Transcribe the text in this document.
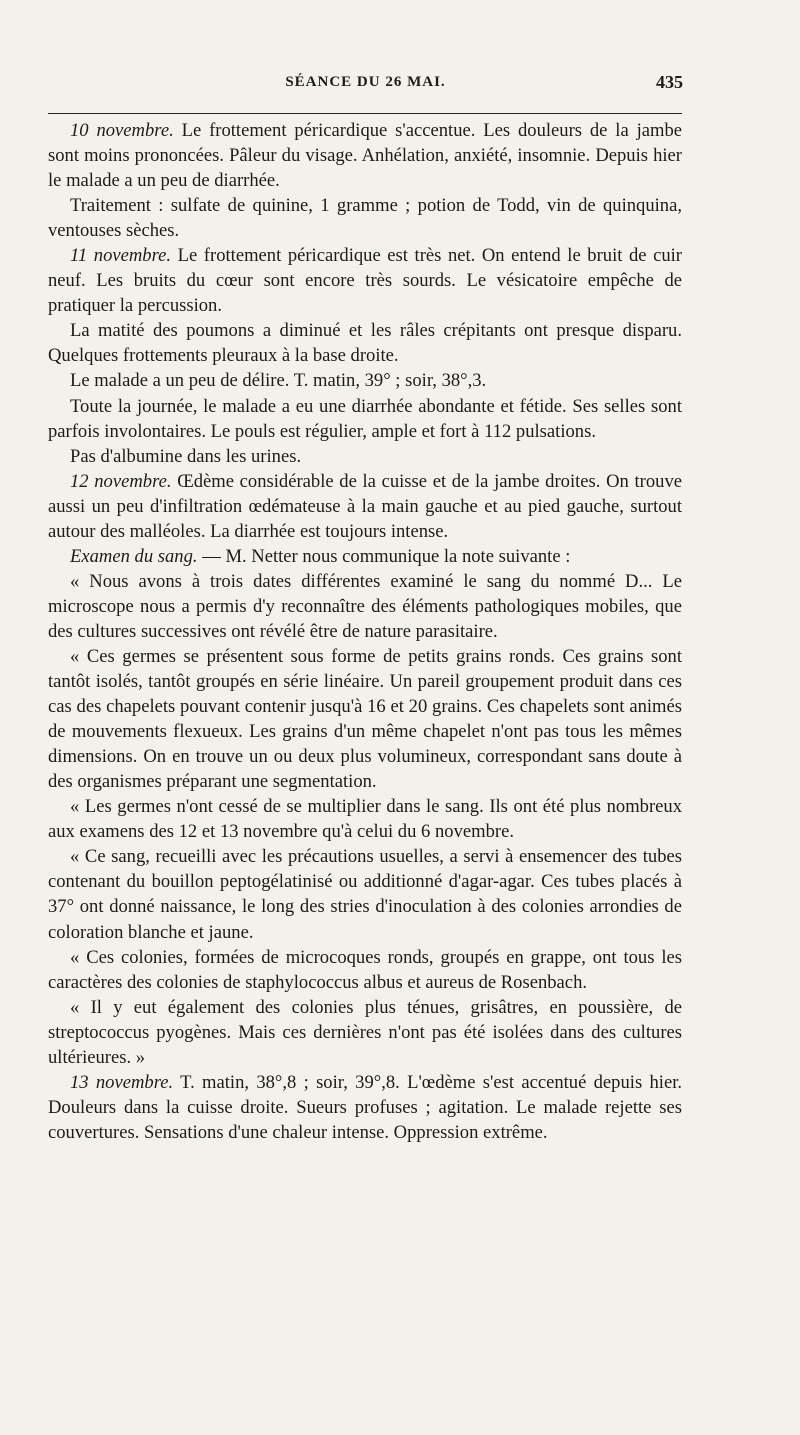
SÉANCE DU 26 MAI.	435

10 novembre. Le frottement péricardique s'accentue. Les douleurs de la jambe sont moins prononcées. Pâleur du visage. Anhélation, anxiété, insomnie. Depuis hier le malade a un peu de diarrhée.

Traitement : sulfate de quinine, 1 gramme ; potion de Todd, vin de quinquina, ventouses sèches.

11 novembre. Le frottement péricardique est très net. On entend le bruit de cuir neuf. Les bruits du cœur sont encore très sourds. Le vésicatoire empêche de pratiquer la percussion.

La matité des poumons a diminué et les râles crépitants ont presque disparu. Quelques frottements pleuraux à la base droite.

Le malade a un peu de délire. T. matin, 39° ; soir, 38°,3.

Toute la journée, le malade a eu une diarrhée abondante et fétide. Ses selles sont parfois involontaires. Le pouls est régulier, ample et fort à 112 pulsations.

Pas d'albumine dans les urines.

12 novembre. Œdème considérable de la cuisse et de la jambe droites. On trouve aussi un peu d'infiltration œdémateuse à la main gauche et au pied gauche, surtout autour des malléoles. La diarrhée est toujours intense.

Examen du sang. — M. Netter nous communique la note suivante :

« Nous avons à trois dates différentes examiné le sang du nommé D... Le microscope nous a permis d'y reconnaître des éléments pathologiques mobiles, que des cultures successives ont révélé être de nature parasitaire.

« Ces germes se présentent sous forme de petits grains ronds. Ces grains sont tantôt isolés, tantôt groupés en série linéaire. Un pareil groupement produit dans ces cas des chapelets pouvant contenir jusqu'à 16 et 20 grains. Ces chapelets sont animés de mouvements flexueux. Les grains d'un même chapelet n'ont pas tous les mêmes dimensions. On en trouve un ou deux plus volumineux, correspondant sans doute à des organismes préparant une segmentation.

« Les germes n'ont cessé de se multiplier dans le sang. Ils ont été plus nombreux aux examens des 12 et 13 novembre qu'à celui du 6 novembre.

« Ce sang, recueilli avec les précautions usuelles, a servi à ensemencer des tubes contenant du bouillon peptogélatinisé ou additionné d'agar-agar. Ces tubes placés à 37° ont donné naissance, le long des stries d'inoculation à des colonies arrondies de coloration blanche et jaune.

« Ces colonies, formées de microcoques ronds, groupés en grappe, ont tous les caractères des colonies de staphylococcus albus et aureus de Rosenbach.

« Il y eut également des colonies plus ténues, grisâtres, en poussière, de streptococcus pyogènes. Mais ces dernières n'ont pas été isolées dans des cultures ultérieures. »

13 novembre. T. matin, 38°,8 ; soir, 39°,8. L'œdème s'est accentué depuis hier. Douleurs dans la cuisse droite. Sueurs profuses ; agitation. Le malade rejette ses couvertures. Sensations d'une chaleur intense. Oppression extrême.
